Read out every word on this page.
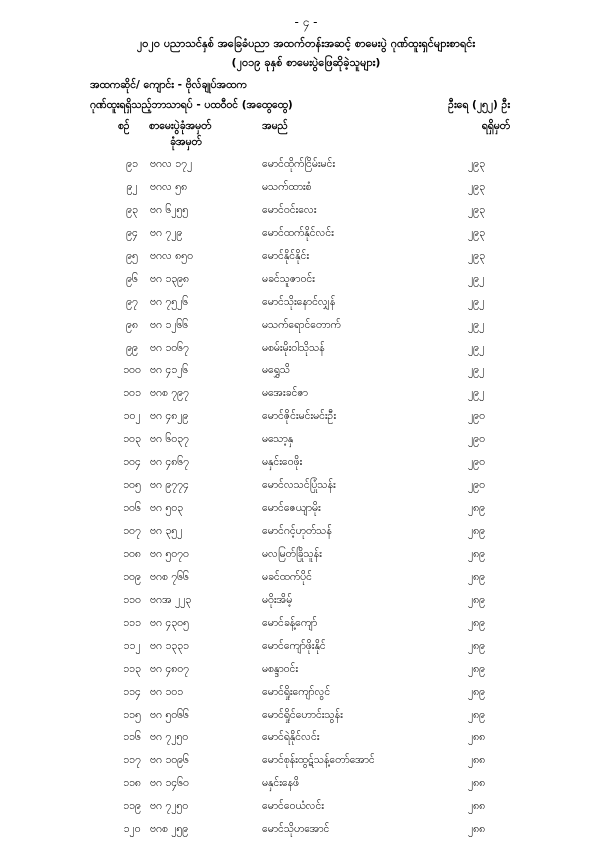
- ၄ -
၂၀၂၀ ပညာသင်နှစ် အခြေခံပညာ အထက်တန်းအဆင့် စာမေးပွဲ ဂုဏ်ထူးရှင်များစာရင်း
(၂၀၁၉ ခုနှစ် စာမေးပွဲဖြေဆိုခဲ့သူများ)
အထကဆိုင်/ ကျောင်း - ဗိုလ်ချုပ်အထက
ဂုဏ်ထူးရရှိသည့်ဘာသာရပ် - ပထဝီဝင် (အထွေထွေ)	ဦးရေ (၂၅၂) ဦး
စဉ် စာမေးပွဲခုံအမှတ်	အမည်	ရရှိမှတ်
ခုံအမှတ်
၉၁	ဗဂလ ၁၇၂	မောင်ထိုက်ငြိမ်းမင်း	၂၉၃
၉၂	ဗဂလ ၅၈	မသက်ထားစံ	၂၉၃
၉၃	ဗဂ ၆၂၅၅	မောင်ဝင်းလေး	၂၉၃
၉၄	ဗဂ ၇၂၉	မောင်ထက်နိုင်လင်း	၂၉၃
၉၅	ဗဂလ ၈၅၀	မောင်နိုင်နိုင်း	၂၉၃
၉၆	ဗဂ ၁၃၉၈	မခင်သူဇာဝင်း	၂၉၂
၉၇	ဗဂ ၇၅၂၆	မောင်သိုးနောင်လျှန်	၂၉၂
၉၈	ဗဂ ၁၂၆၆	မသက်ရောင်တောက်	၂၉၂
၉၉	ဗဂ ၁၀၆၇	မစမ်းမိုးဝါသိုသန်	၂၉၂
၁၀၀ ဗဂ ၄၁၂၆	မရွှေသိ	၂၉၂
၁၀၁ ဗဂစ ၇၉၇	မအေးခင်ဇာ	၂၉၂
၁၀၂ ဗဂ ၄၈၂၉	မောင်ဇိုင်းမင်းမင်းဦး	၂၉၀
၁၀၃ ဗဂ ၆၀၃၇	မသော့နှ	၂၉၀
၁၀၄ ဗဂ ၄၈၆၇	မနှင်းဝေဖိုး	၂၉၀
၁၀၅ ဗဂ ၉၇၇၄	မောင်လသင်ပြုံသန်း	၂၉၀
၁၀၆ ဗဂ ၅၀၃	မောင်ဇေယျာမိုး	၂၈၉
၁၀၇ ဗဂ ၃၅၂	မောင်ဂင့်ဟုတ်သန်	၂၈၉
၁၀၈ ဗဂ ၅၀၇၀	မလမြတ်ခြိုသူန်း	၂၈၉
၁၀၉ ဗဂစ ၇၆၆	မခင်ထက်ပိုင်	၂၈၉
၁၁၀ ဗဂအ ၂၂၃	မဝိုးအိမ့်	၂၈၉
၁၁၁ ဗဂ ၄၃၀၅	မောင်ခန့်ကျော်	၂၈၉
၁၁၂ ဗဂ ၁၃၃၁	မောင်ကျော်ဖိုးနိုင်	၂၈၉
၁၁၃ ဗဂ ၄၈၀၇	မစန္ဒာဝင်း	၂၈၉
၁၁၄ ဗဂ ၁၀၁	မောင်ရှိုးကျော်လွင်	၂၈၉
၁၁၅ ဗဂ ၅၀၆၆	မောင်ရှိုင်ဟောင်းသွန်း	၂၈၉
၁၁၆ ဗဂ ၇၂၅၀	မောင်ရဲနိုင်လင်း	၂၈၈
၁၁၇ ဗဂ ၁၀၉၆	မောင်စုန်းထွဋ်သန့်တော်အောင်	၂၈၈
၁၁၈ ဗဂ ၁၄၆၀	မနှင်းနေဖိ	၂၈၈
၁၁၉ ဗဂ ၇၂၅၀	မောင်ဝေယံလင်း	၂၈၈
၁၂၀ ဗဂစ ၂၅၉	မောင်သိုဟအောင်	၂၈၈
